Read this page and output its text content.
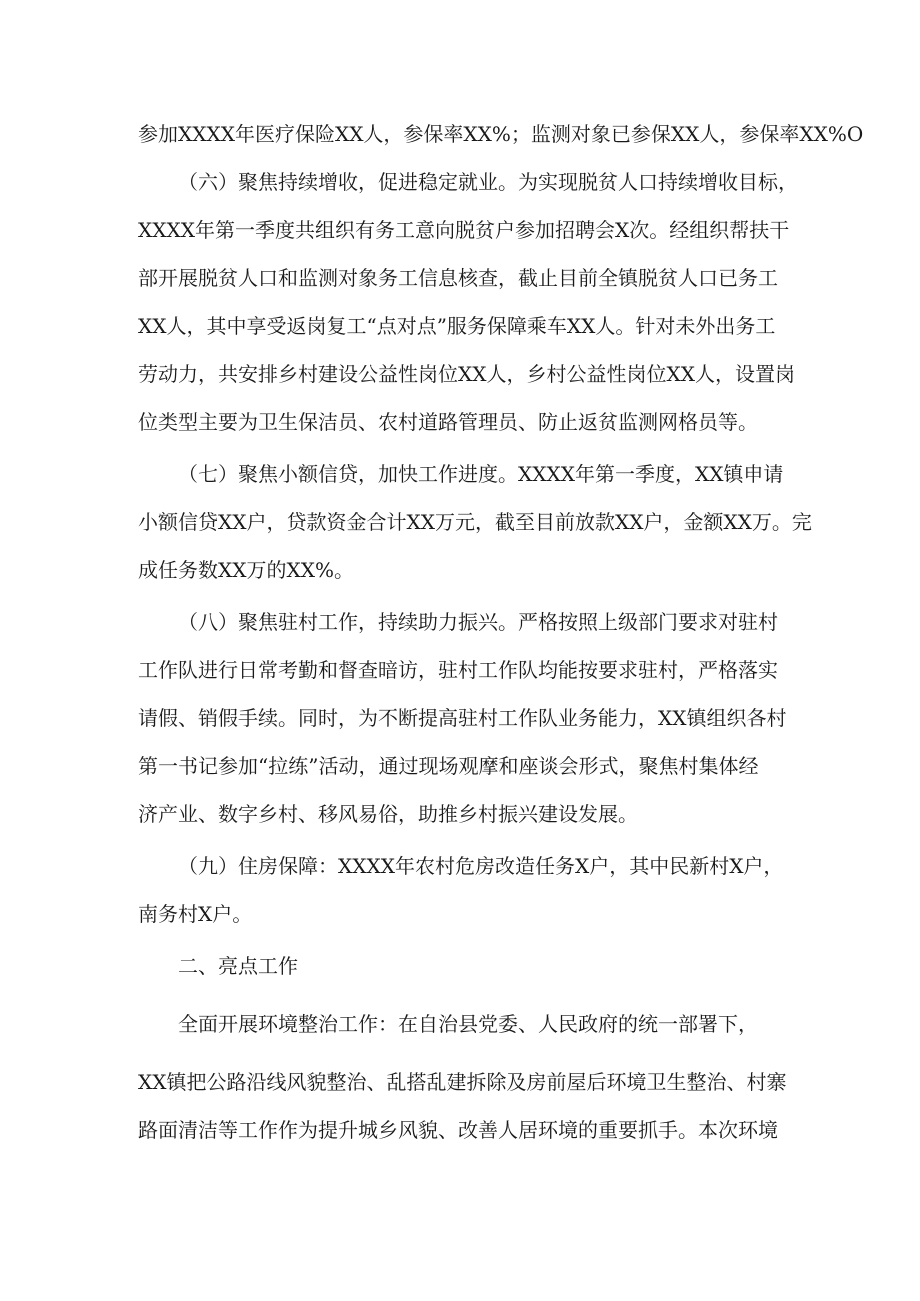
参加XXXX年医疗保险XX人，参保率XX%；监测对象已参保XX人，参保率XX%O
（六）聚焦持续增收，促进稳定就业。为实现脱贫人口持续增收目标，
XXXX年第一季度共组织有务工意向脱贫户参加招聘会X次。经组织帮扶干
部开展脱贫人口和监测对象务工信息核查，截止目前全镇脱贫人口已务工
XX人，其中享受返岗复工“点对点”服务保障乘车XX人。针对未外出务工
劳动力，共安排乡村建设公益性岗位XX人，乡村公益性岗位XX人，设置岗
位类型主要为卫生保洁员、农村道路管理员、防止返贫监测网格员等。
（七）聚焦小额信贷，加快工作进度。XXXX年第一季度，XX镇申请
小额信贷XX户，贷款资金合计XX万元，截至目前放款XX户，金额XX万。完
成任务数XX万的XX%。
（八）聚焦驻村工作，持续助力振兴。严格按照上级部门要求对驻村
工作队进行日常考勤和督查暗访，驻村工作队均能按要求驻村，严格落实
请假、销假手续。同时，为不断提高驻村工作队业务能力，XX镇组织各村
第一书记参加“拉练”活动，通过现场观摩和座谈会形式，聚焦村集体经
济产业、数字乡村、移风易俗，助推乡村振兴建设发展。
（九）住房保障：XXXX年农村危房改造任务X户，其中民新村X户，
南务村X户。
二、亮点工作
全面开展环境整治工作：在自治县党委、人民政府的统一部署下，
XX镇把公路沿线风貌整治、乱搭乱建拆除及房前屋后环境卫生整治、村寨
路面清洁等工作作为提升城乡风貌、改善人居环境的重要抓手。本次环境
